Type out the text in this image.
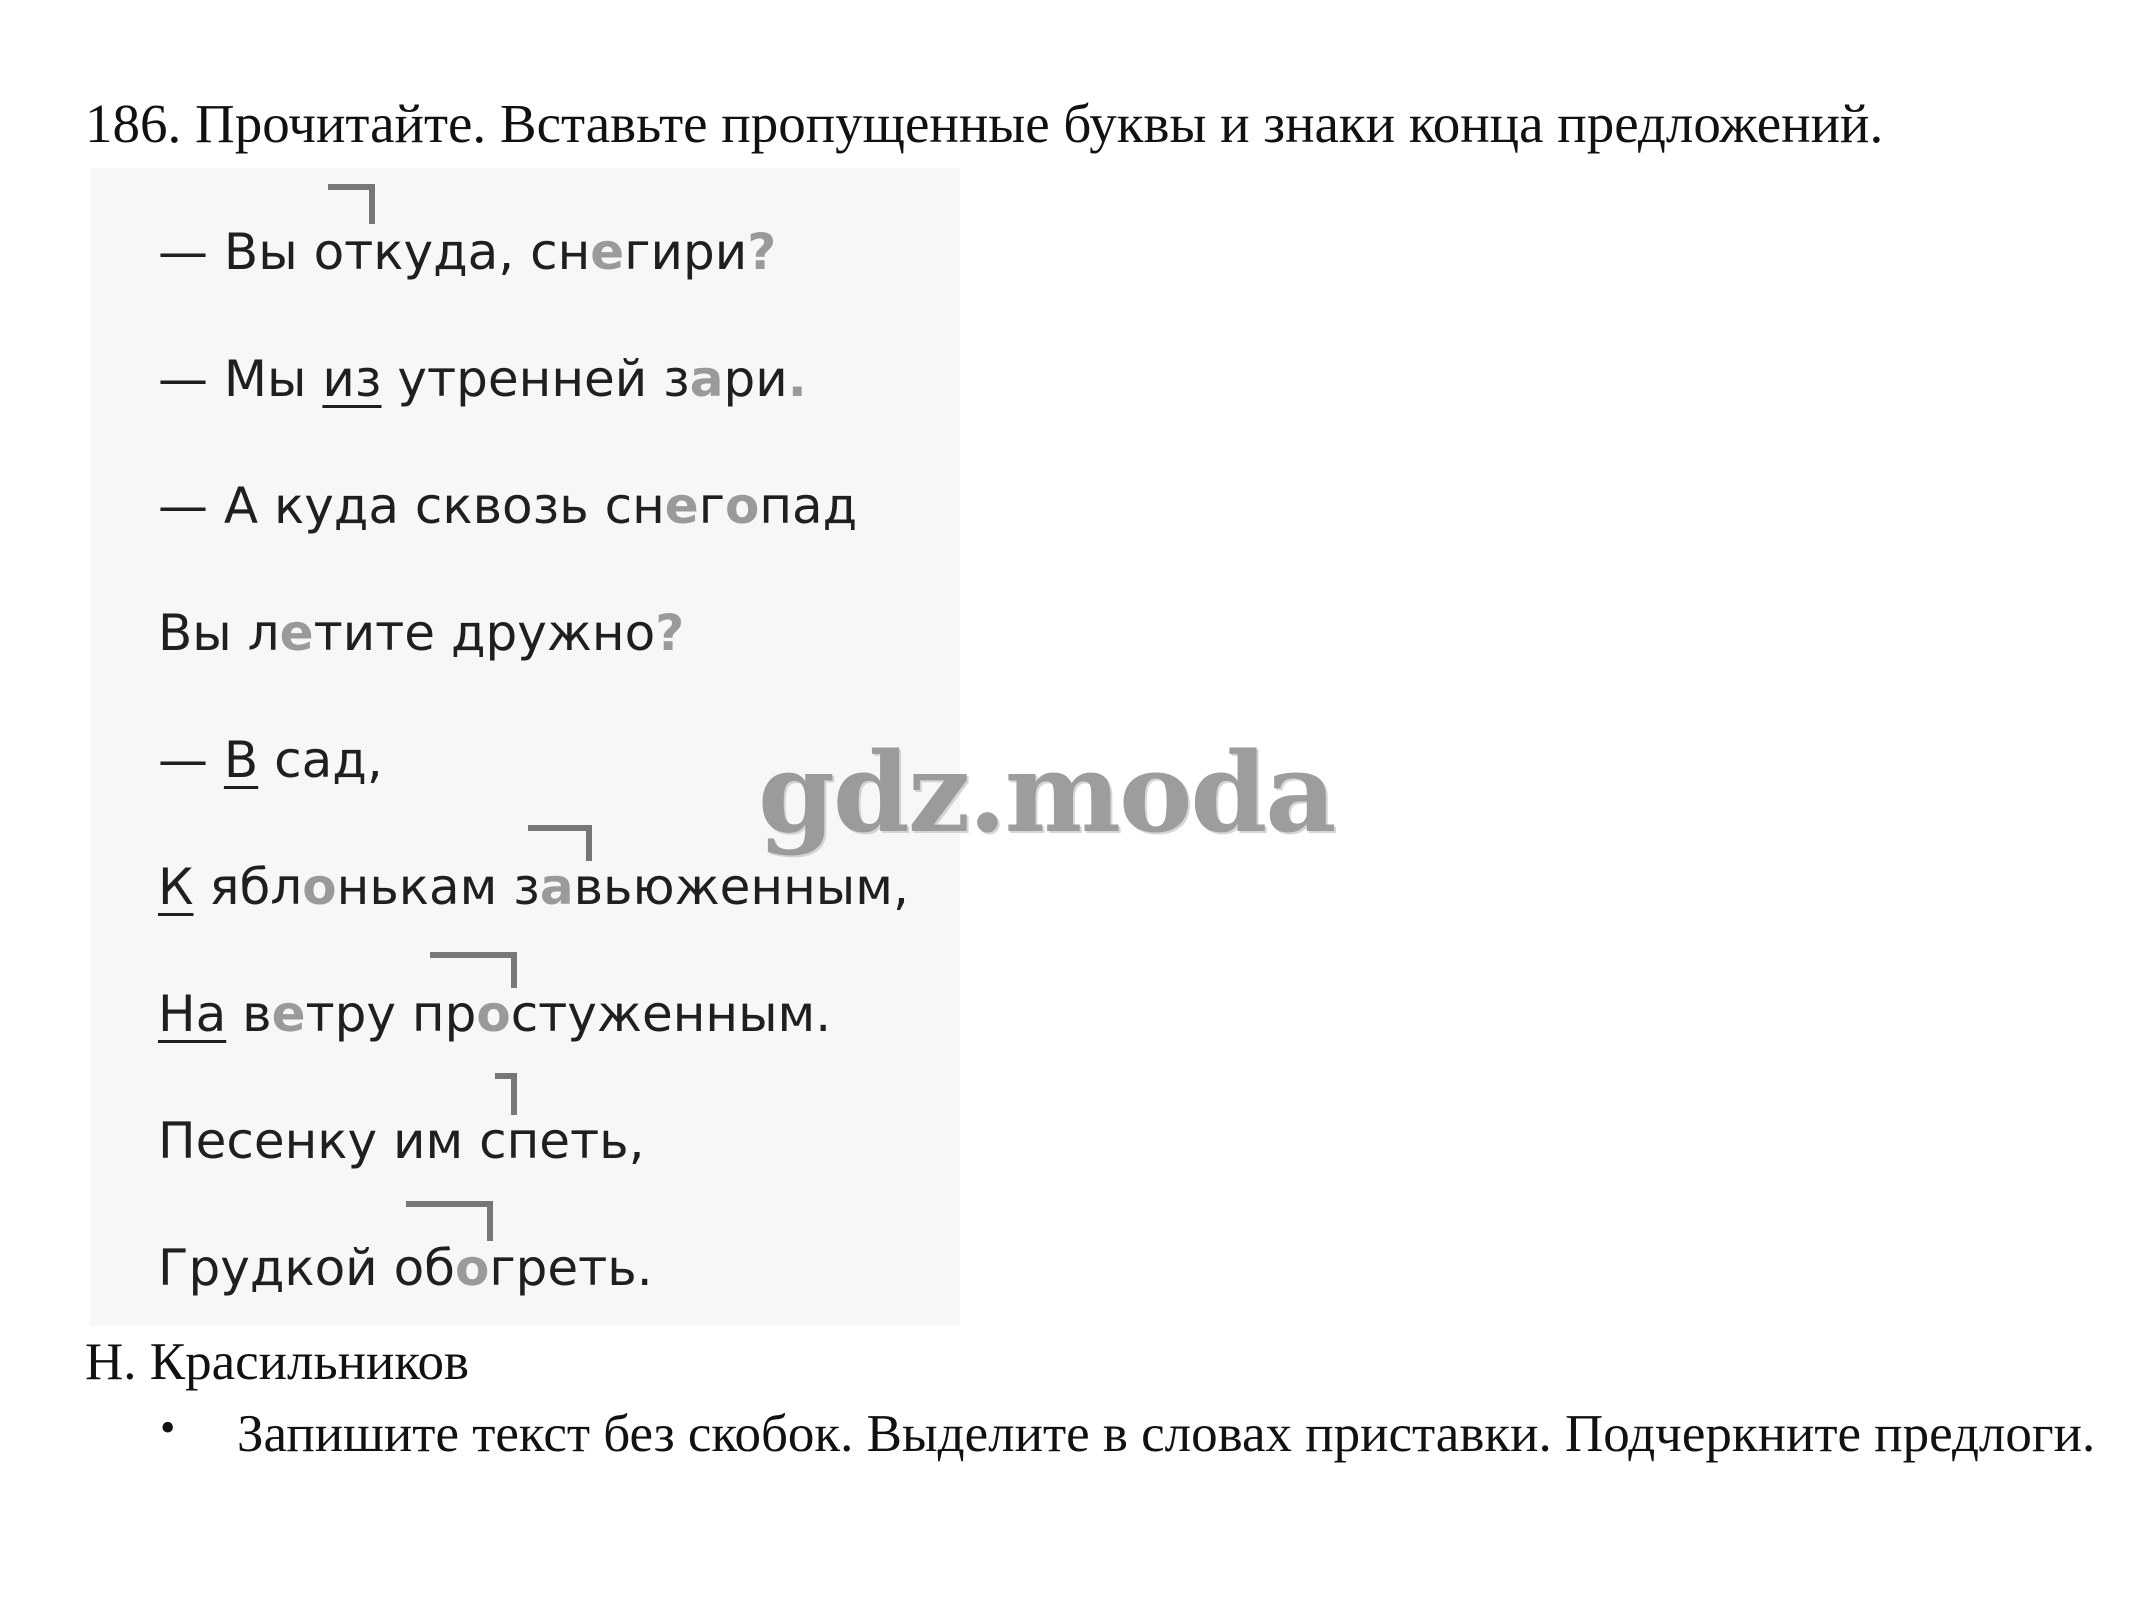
186. Прочитайте. Вставьте пропущенные буквы и знаки конца предложений.
— Вы откуда, снегири?
— Мы из утренней зари.
— А куда сквозь снегопад
Вы летите дружно?
— В сад,
К яблонькам завьюженным,
На ветру простуженным.
Песенку им спеть,
Грудкой обогреть.
gdz.moda

Н. Красильников

• Запишите текст без скобок. Выделите в словах приставки. Подчеркните предлоги.
